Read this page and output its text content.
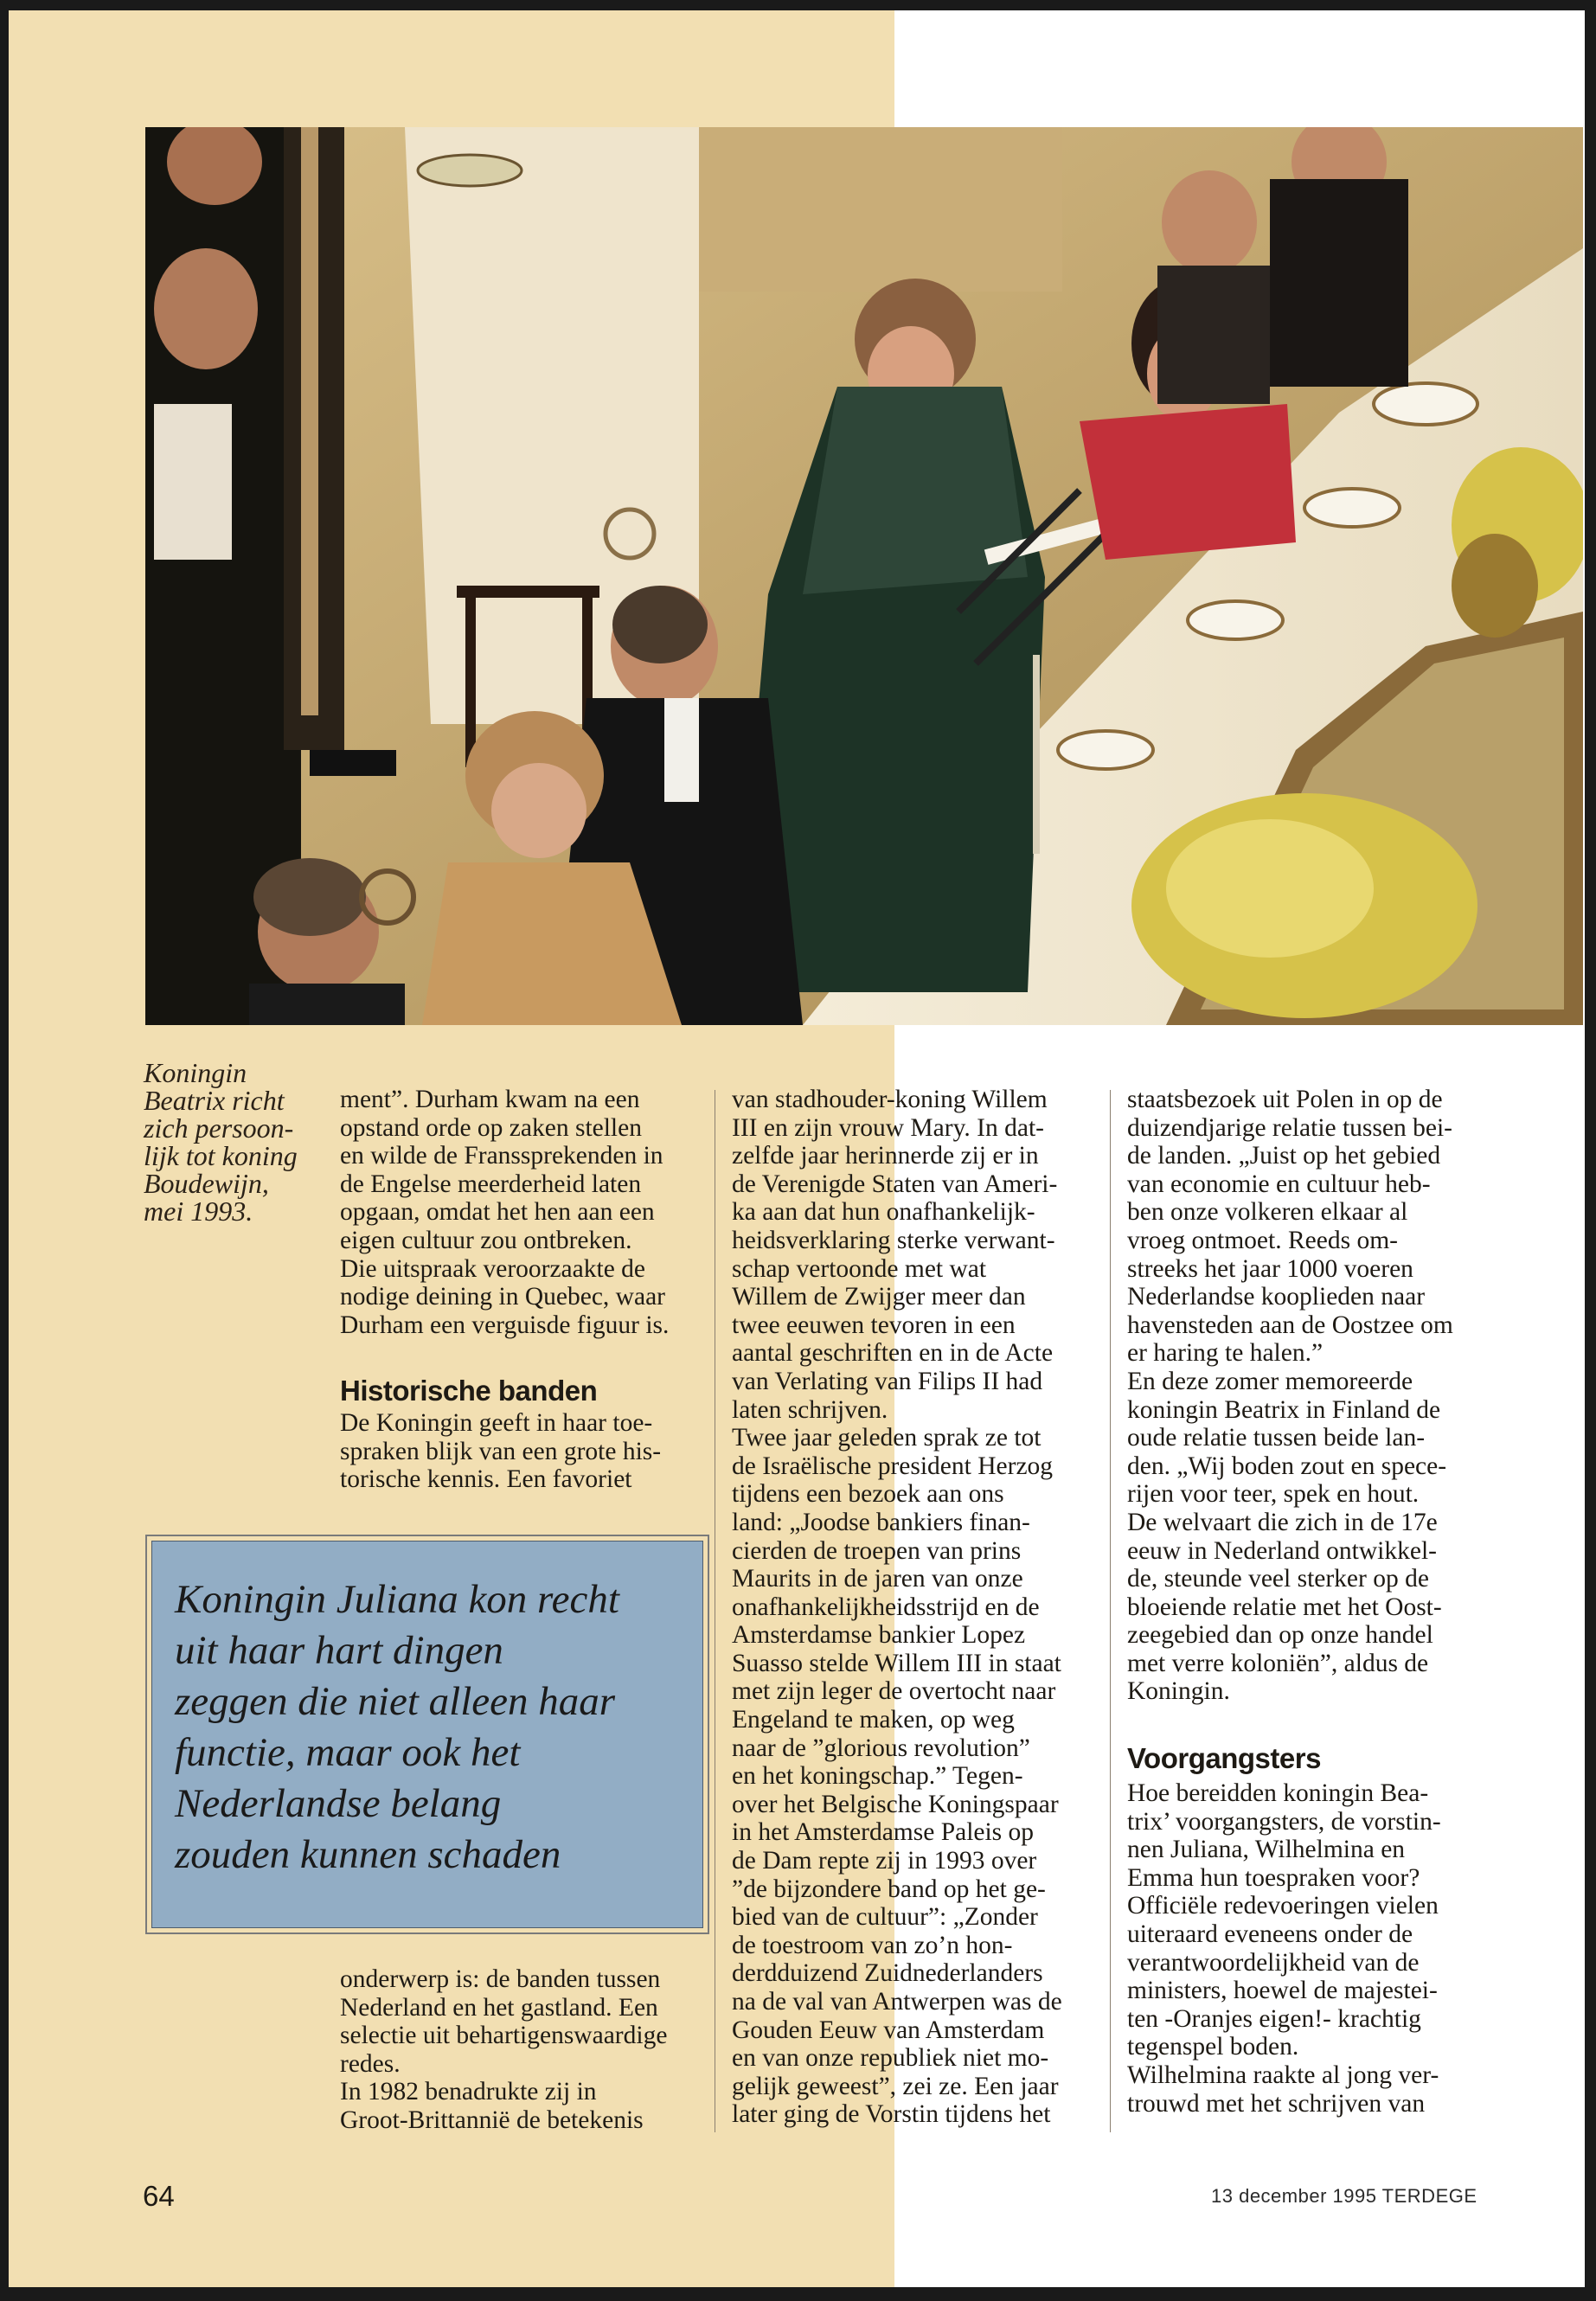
Koningin
Beatrix richt
zich persoon-
lijk tot koning
Boudewijn,
mei 1993.

ment”. Durham kwam na een

opstand orde op zaken stellen

en wilde de Franssprekenden in

de Engelse meerderheid laten

opgaan, omdat het hen aan een

eigen cultuur zou ontbreken.

Die uitspraak veroorzaakte de

nodige deining in Quebec, waar

Durham een verguisde figuur is.

Historische banden

De Koningin geeft in haar toe-

spraken blijk van een grote his-

torische kennis. Een favoriet

Koningin Juliana kon recht
uit haar hart dingen
zeggen die niet alleen haar
functie, maar ook het
Nederlandse belang
zouden kunnen schaden

onderwerp is: de banden tussen

Nederland en het gastland. Een

selectie uit behartigenswaardige

redes.

In 1982 benadrukte zij in

Groot-Brittannië de betekenis

van stadhouder-koning Willem

III en zijn vrouw Mary. In dat-

zelfde jaar herinnerde zij er in

de Verenigde Staten van Ameri-

ka aan dat hun onafhankelijk-

heidsverklaring sterke verwant-

schap vertoonde met wat

Willem de Zwijger meer dan

twee eeuwen tevoren in een

aantal geschriften en in de Acte

van Verlating van Filips II had

laten schrijven.

Twee jaar geleden sprak ze tot

de Israëlische president Herzog

tijdens een bezoek aan ons

land: „Joodse bankiers finan-

cierden de troepen van prins

Maurits in de jaren van onze

onafhankelijkheidsstrijd en de

Amsterdamse bankier Lopez

Suasso stelde Willem III in staat

met zijn leger de overtocht naar

Engeland te maken, op weg

naar de ”glorious revolution”

en het koningschap.” Tegen-

over het Belgische Koningspaar

in het Amsterdamse Paleis op

de Dam repte zij in 1993 over

”de bijzondere band op het ge-

bied van de cultuur”: „Zonder

de toestroom van zo’n hon-

derdduizend Zuidnederlanders

na de val van Antwerpen was de

Gouden Eeuw van Amsterdam

en van onze republiek niet mo-

gelijk geweest”, zei ze. Een jaar

later ging de Vorstin tijdens het

staatsbezoek uit Polen in op de

duizendjarige relatie tussen bei-

de landen. „Juist op het gebied

van economie en cultuur heb-

ben onze volkeren elkaar al

vroeg ontmoet. Reeds om-

streeks het jaar 1000 voeren

Nederlandse kooplieden naar

havensteden aan de Oostzee om

er haring te halen.”

En deze zomer memoreerde

koningin Beatrix in Finland de

oude relatie tussen beide lan-

den. „Wij boden zout en spece-

rijen voor teer, spek en hout.

De welvaart die zich in de 17e

eeuw in Nederland ontwikkel-

de, steunde veel sterker op de

bloeiende relatie met het Oost-

zeegebied dan op onze handel

met verre koloniën”, aldus de

Koningin.

Voorgangsters

Hoe bereidden koningin Bea-

trix’ voorgangsters, de vorstin-

nen Juliana, Wilhelmina en

Emma hun toespraken voor?

Officiële redevoeringen vielen

uiteraard eveneens onder de

verantwoordelijkheid van de

ministers, hoewel de majestei-

ten -Oranjes eigen!- krachtig

tegenspel boden.

Wilhelmina raakte al jong ver-

trouwd met het schrijven van

64	13 december 1995 TERDEGE
